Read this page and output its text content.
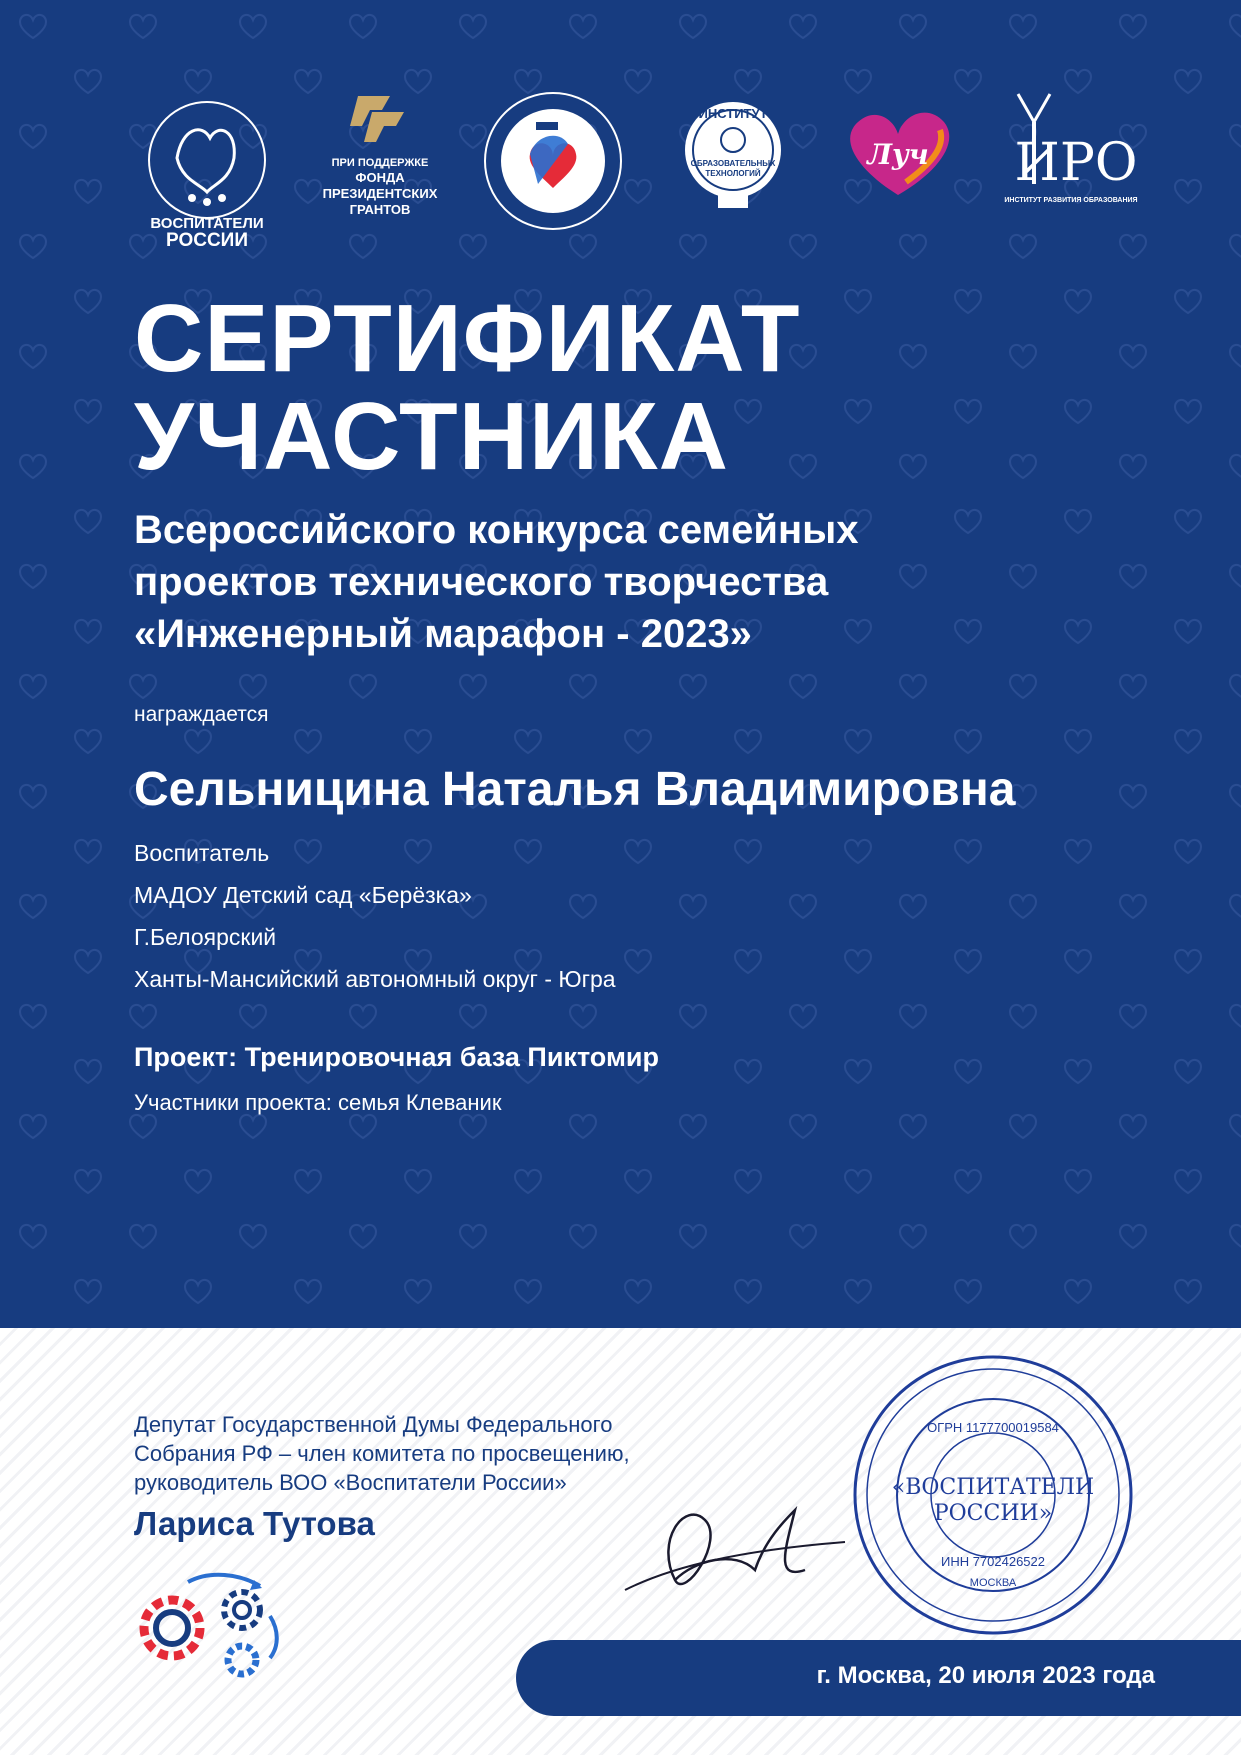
ВОСПИТАТЕЛИ
РОССИИ
ПРИ ПОДДЕРЖКЕ
ФОНДА
ПРЕЗИДЕНТСКИХ
ГРАНТОВ
ИНСТИТУТ
ОБРАЗОВАТЕЛЬНЫХ
ТЕХНОЛОГИЙ
Луч ИРО
ИНСТИТУТ РАЗВИТИЯ ОБРАЗОВАНИЯ
СЕРТИФИКАТ
УЧАСТНИКА
Всероссийского конкурса семейных
проектов технического творчества
«Инженерный марафон - 2023»
награждается
Сельницина Наталья Владимировна
Воспитатель
МАДОУ Детский сад «Берёзка»
Г.Белоярский
Ханты-Мансийский автономный округ - Югра
Проект: Тренировочная база Пиктомир
Участники проекта: семья Клеваник
Депутат Государственной Думы Федерального
Собрания РФ – член комитета по просвещению,
руководитель ВОО «Воспитатели России»
Лариса Тутова
ОГРН 1177700019584
«ВОСПИТАТЕЛИ
РОССИИ»
ИНН 7702426522
МОСКВА
г. Москва, 20 июля 2023 года
